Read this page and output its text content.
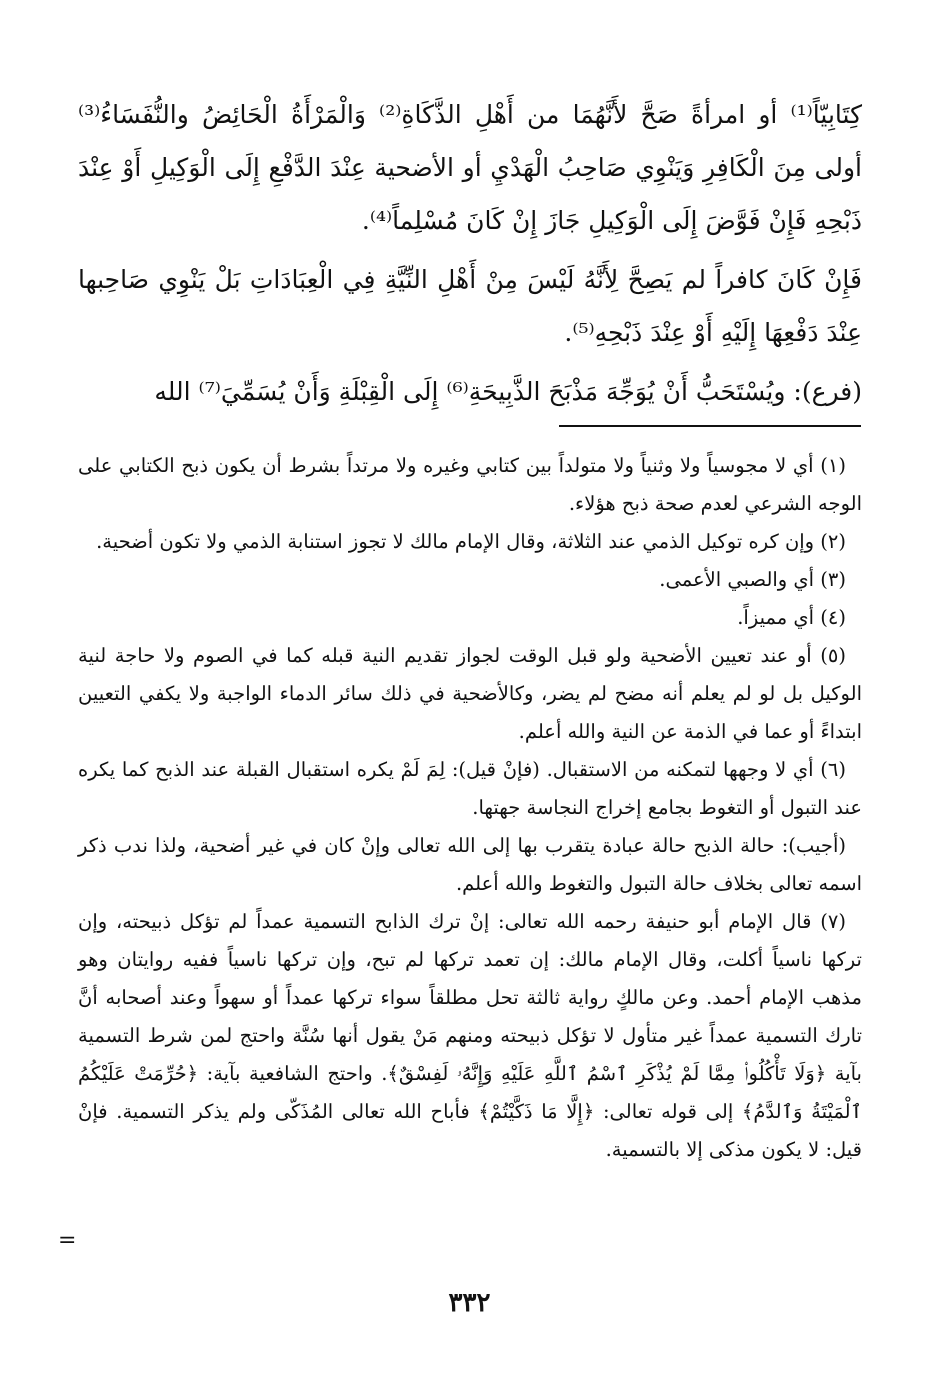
كِتَابِيّاً⁽¹⁾ أو امرأةً صَحَّ لأَنَّهُمَا من أَهْلِ الذَّكَاةِ⁽²⁾ وَالْمَرْأَةُ الْحَائِضُ والنُّفَسَاءُ⁽³⁾ أولى مِنَ الْكَافِرِ وَيَنْوِي صَاحِبُ الْهَدْيِ أو الأضحية عِنْدَ الدَّفْعِ إِلَى الْوَكِيلِ أَوْ عِنْدَ ذَبْحِهِ فَإِنْ فَوَّضَ إِلَى الْوَكِيلِ جَازَ إِنْ كَانَ مُسْلِماً⁽⁴⁾.

فَإِنْ كَانَ كافراً لم يَصِحَّ لِأَنَّهُ لَيْسَ مِنْ أَهْلِ النِّيَّةِ فِي الْعِبَادَاتِ بَلْ يَنْوِي صَاحِبها عِنْدَ دَفْعِهَا إِلَيْهِ أَوْ عِنْدَ ذَبْحِهِ⁽⁵⁾.

(فرع): ويُسْتَحَبُّ أَنْ يُوَجِّهَ مَذْبَحَ الذَّبِيحَةِ⁽⁶⁾ إِلَى الْقِبْلَةِ وَأَنْ يُسَمِّيَ⁽⁷⁾ الله

(١) أي لا مجوسياً ولا وثنياً ولا متولداً بين كتابي وغيره ولا مرتداً بشرط أن يكون ذبح الكتابي على الوجه الشرعي لعدم صحة ذبح هؤلاء.

(٢) وإن كره توكيل الذمي عند الثلاثة، وقال الإمام مالك لا تجوز استنابة الذمي ولا تكون أضحية.

(٣) أي والصبي الأعمى.

(٤) أي مميزاً.

(٥) أو عند تعيين الأضحية ولو قبل الوقت لجواز تقديم النية قبله كما في الصوم ولا حاجة لنية الوكيل بل لو لم يعلم أنه مضح لم يضر، وكالأضحية في ذلك سائر الدماء الواجبة ولا يكفي التعيين ابتداءً أو عما في الذمة عن النية والله أعلم.

(٦) أي لا وجهها لتمكنه من الاستقبال. (فإنْ قيل): لِمَ لَمْ يكره استقبال القبلة عند الذبح كما يكره عند التبول أو التغوط بجامع إخراج النجاسة جهتها.

(أجيب): حالة الذبح حالة عبادة يتقرب بها إلى الله تعالى وإنْ كان في غير أضحية، ولذا ندب ذكر اسمه تعالى بخلاف حالة التبول والتغوط والله أعلم.

(٧) قال الإمام أبو حنيفة رحمه الله تعالى: إنْ ترك الذابح التسمية عمداً لم تؤكل ذبيحته، وإن تركها ناسياً أكلت، وقال الإمام مالك: إن تعمد تركها لم تبح، وإن تركها ناسياً ففيه روايتان وهو مذهب الإمام أحمد. وعن مالكٍ رواية ثالثة تحل مطلقاً سواء تركها عمداً أو سهواً وعند أصحابه أنَّ تارك التسمية عمداً غير متأول لا تؤكل ذبيحته ومنهم مَنْ يقول أنها سُنَّة واحتج لمن شرط التسمية بآية ﴿وَلَا تَأْكُلُوا۟ مِمَّا لَمْ يُذْكَرِ ٱسْمُ ٱللَّهِ عَلَيْهِ وَإِنَّهُۥ لَفِسْقٌ﴾. واحتج الشافعية بآية: ﴿حُرِّمَتْ عَلَيْكُمُ ٱلْمَيْتَةُ وَٱلدَّمُ﴾ إلى قوله تعالى: ﴿إِلَّا مَا ذَكَّيْتُمْ﴾ فأباح الله تعالى المُذَكّى ولم يذكر التسمية. فإنْ قيل: لا يكون مذكى إلا بالتسمية.

=
٣٣٢
